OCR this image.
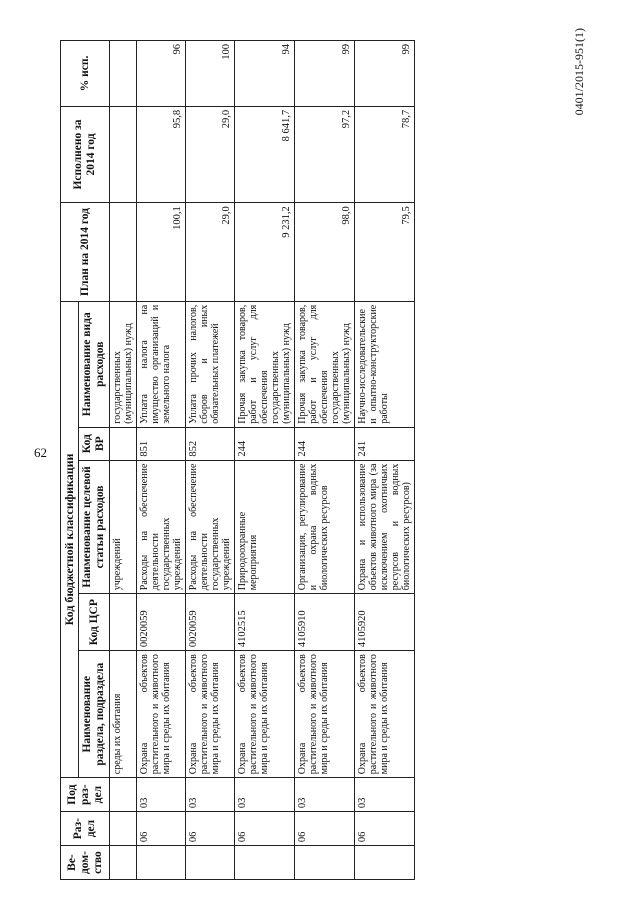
62
0401/2015-951(1)
Ве-дом-ство	Раз-дел	Под раз-дел	Код бюджетной классификации					План на 2014 год	Исполнено за 2014 год	% исп.
			Наименование раздела, подраздела	Код ЦСР	Наименование целевой статьи расходов	Код ВР	Наименование вида расходов			
			среды их обитания		учреждений		государственных (муниципальных) нужд			
	06	03	Охрана объектов растительного и животного мира и среды их обитания	0020059	Расходы на обеспечение деятельности государственных учреждений	851	Уплата налога на имущество организаций и земельного налога	100,1	95,8	96
	06	03	Охрана объектов растительного и животного мира и среды их обитания	0020059	Расходы на обеспечение деятельности государственных учреждений	852	Уплата прочих налогов, сборов и иных обязательных платежей	29,0	29,0	100
	06	03	Охрана объектов растительного и животного мира и среды их обитания	4102515	Природоохранные мероприятия	244	Прочая закупка товаров, работ и услуг для обеспечения государственных (муниципальных) нужд	9 231,2	8 641,7	94
	06	03	Охрана объектов растительного и животного мира и среды их обитания	4105910	Организация, регулирование и охрана водных биологических ресурсов	244	Прочая закупка товаров, работ и услуг для обеспечения государственных (муниципальных) нужд	98,0	97,2	99
	06	03	Охрана объектов растительного и животного мира и среды их обитания	4105920	Охрана и использование объектов животного мира (за исключением охотничьих ресурсов и водных биологических ресурсов)	241	Научно-исследовательские и опытно-конструкторские работы	79,5	78,7	99
